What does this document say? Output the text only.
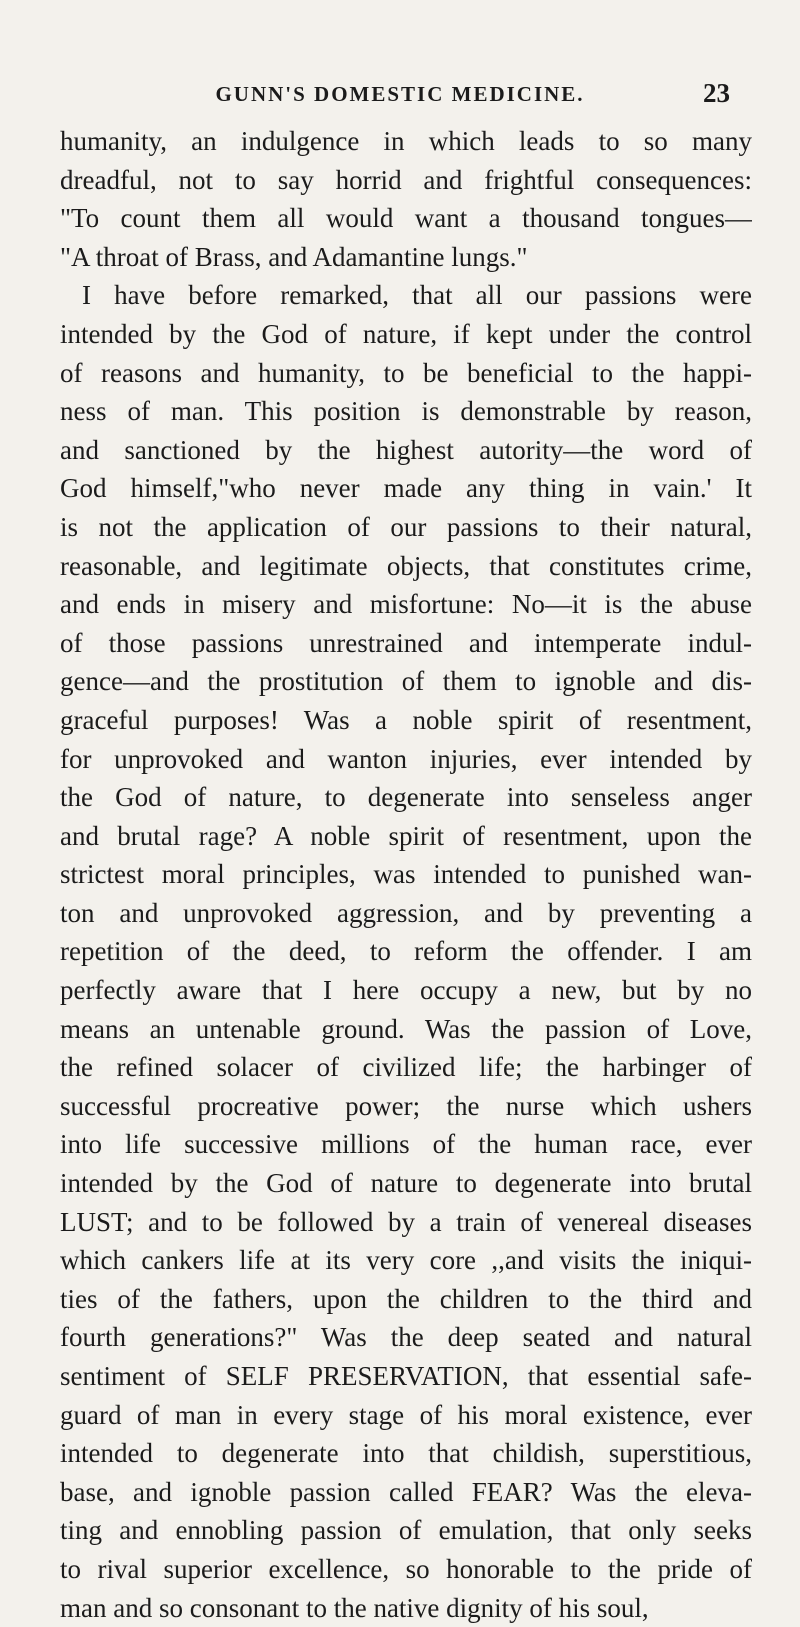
GUNN'S DOMESTIC MEDICINE.	23
humanity, an indulgence in which leads to so many
dreadful, not to say horrid and frightful consequences:
"To count them all would want a thousand tongues—
"A throat of Brass, and Adamantine lungs."
I have before remarked, that all our passions were
intended by the God of nature, if kept under the control
of reasons and humanity, to be beneficial to the happi-
ness of man. This position is demonstrable by reason,
and sanctioned by the highest autority—the word of
God himself,"who never made any thing in vain.' It
is not the application of our passions to their natural,
reasonable, and legitimate objects, that constitutes crime,
and ends in misery and misfortune: No—it is the abuse
of those passions unrestrained and intemperate indul-
gence—and the prostitution of them to ignoble and dis-
graceful purposes! Was a noble spirit of resentment,
for unprovoked and wanton injuries, ever intended by
the God of nature, to degenerate into senseless anger
and brutal rage? A noble spirit of resentment, upon the
strictest moral principles, was intended to punished wan-
ton and unprovoked aggression, and by preventing a
repetition of the deed, to reform the offender. I am
perfectly aware that I here occupy a new, but by no
means an untenable ground. Was the passion of Love,
the refined solacer of civilized life; the harbinger of
successful procreative power; the nurse which ushers
into life successive millions of the human race, ever
intended by the God of nature to degenerate into brutal
LUST; and to be followed by a train of venereal diseases
which cankers life at its very core ,,and visits the iniqui-
ties of the fathers, upon the children to the third and
fourth generations?" Was the deep seated and natural
sentiment of SELF PRESERVATION, that essential safe-
guard of man in every stage of his moral existence, ever
intended to degenerate into that childish, superstitious,
base, and ignoble passion called FEAR? Was the eleva-
ting and ennobling passion of emulation, that only seeks
to rival superior excellence, so honorable to the pride of
man and so consonant to the native dignity of his soul,
